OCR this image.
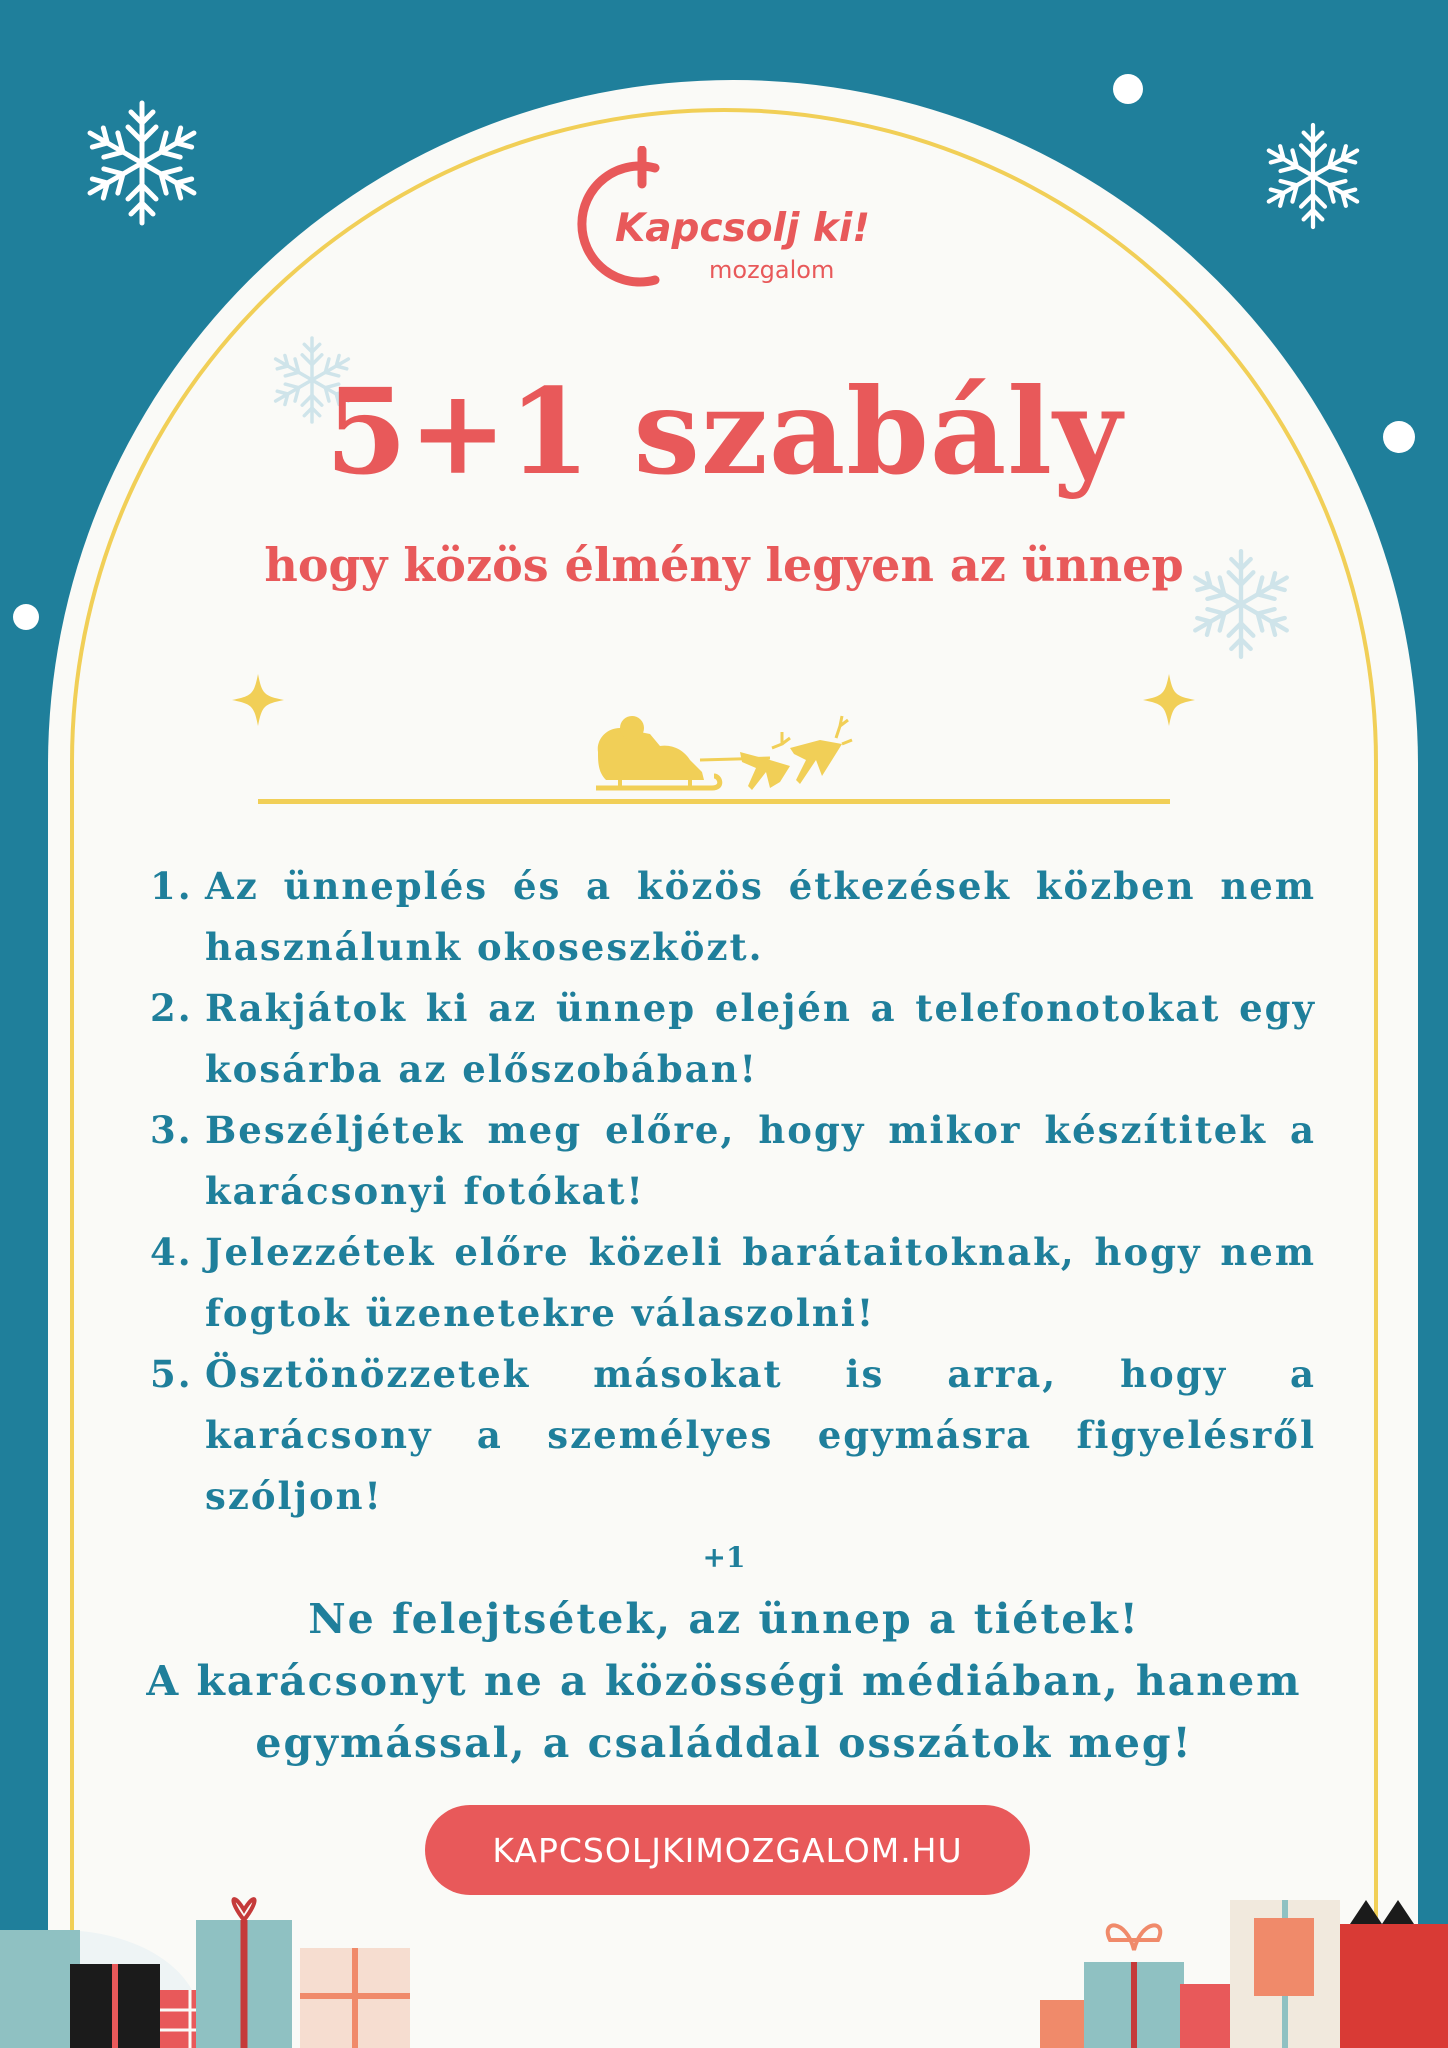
Kapcsolj ki!
mozgalom
5+1 szabály
hogy közös élmény legyen az ünnep
1. Az ünneplés és a közös étkezések közben nem használunk okoseszközt.
2. Rakjátok ki az ünnep elején a telefonotokat egy kosárba az előszobában!
3. Beszéljétek meg előre, hogy mikor készítitek a karácsonyi fotókat!
4. Jelezzétek előre közeli barátaitoknak, hogy nem fogtok üzenetekre válaszolni!
5. Ösztönözzetek másokat is arra, hogy a karácsony a személyes egymásra figyelésről szóljon!
+1
Ne felejtsétek, az ünnep a tiétek!
A karácsonyt ne a közösségi médiában, hanem
egymással, a családdal osszátok meg!
KAPCSOLJKIMOZGALOM.HU
